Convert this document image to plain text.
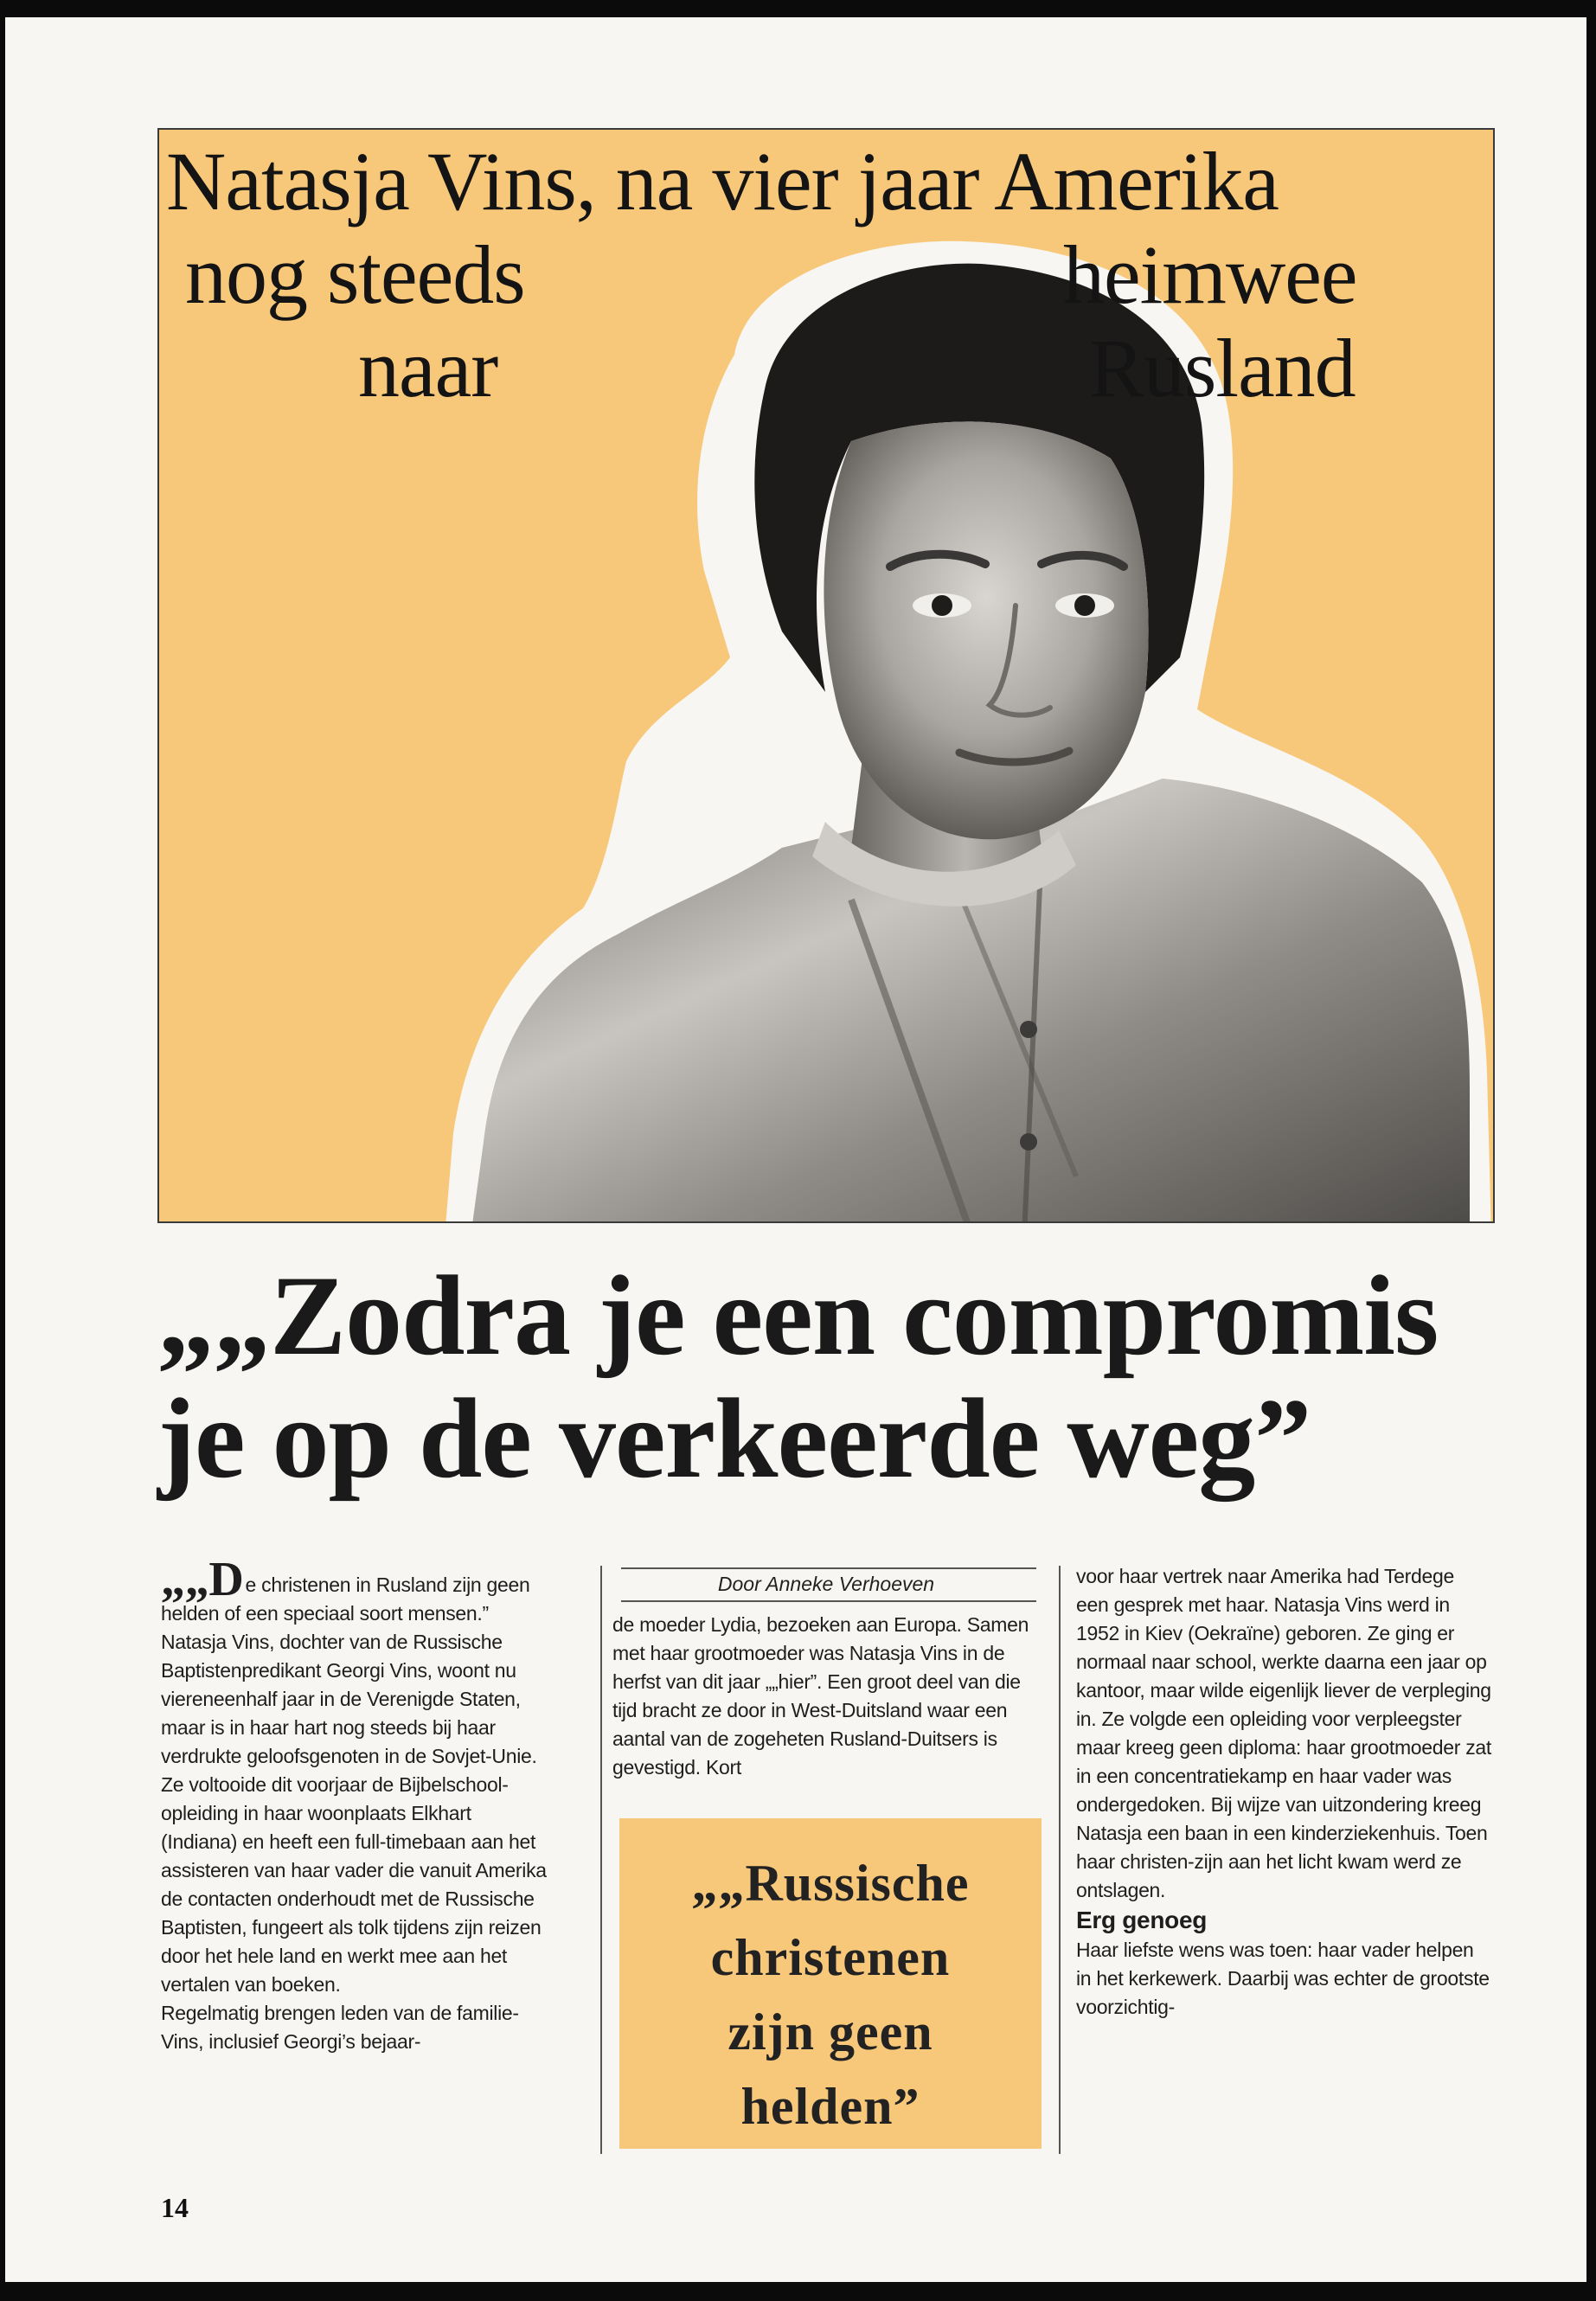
Natasja Vins, na vier jaar Amerika
nog steeds	heimwee
naar	Rusland
„„Zodra je een compromis
je op de verkeerde weg”

„„De christenen in Rusland zijn geen helden of een speciaal soort mensen.” Natasja Vins, dochter van de Russische Baptistenpredikant Georgi Vins, woont nu viereneenhalf jaar in de Verenigde Staten, maar is in haar hart nog steeds bij haar verdrukte geloofsgenoten in de Sovjet-Unie. Ze voltooide dit voorjaar de Bijbelschool-opleiding in haar woonplaats Elkhart (Indiana) en heeft een full-timebaan aan het assisteren van haar vader die vanuit Amerika de contacten onderhoudt met de Russische Baptisten, fungeert als tolk tijdens zijn reizen door het hele land en werkt mee aan het vertalen van boeken.

Regelmatig brengen leden van de familie-Vins, inclusief Georgi’s bejaar-

Door Anneke Verhoeven

de moeder Lydia, bezoeken aan Europa. Samen met haar grootmoeder was Natasja Vins in de herfst van dit jaar „„hier”. Een groot deel van die tijd bracht ze door in West-Duitsland waar een aantal van de zogeheten Rusland-Duitsers is gevestigd. Kort

„„Russische
christenen
zijn geen
helden”

voor haar vertrek naar Amerika had Terdege een gesprek met haar. Natasja Vins werd in 1952 in Kiev (Oekraïne) geboren. Ze ging er normaal naar school, werkte daarna een jaar op kantoor, maar wilde eigenlijk liever de verpleging in. Ze volgde een opleiding voor verpleegster maar kreeg geen diploma: haar grootmoeder zat in een concentratiekamp en haar vader was ondergedoken. Bij wijze van uitzondering kreeg Natasja een baan in een kinderziekenhuis. Toen haar christen-zijn aan het licht kwam werd ze ontslagen.

Erg genoeg

Haar liefste wens was toen: haar vader helpen in het kerkewerk. Daarbij was echter de grootste voorzichtig-

14
